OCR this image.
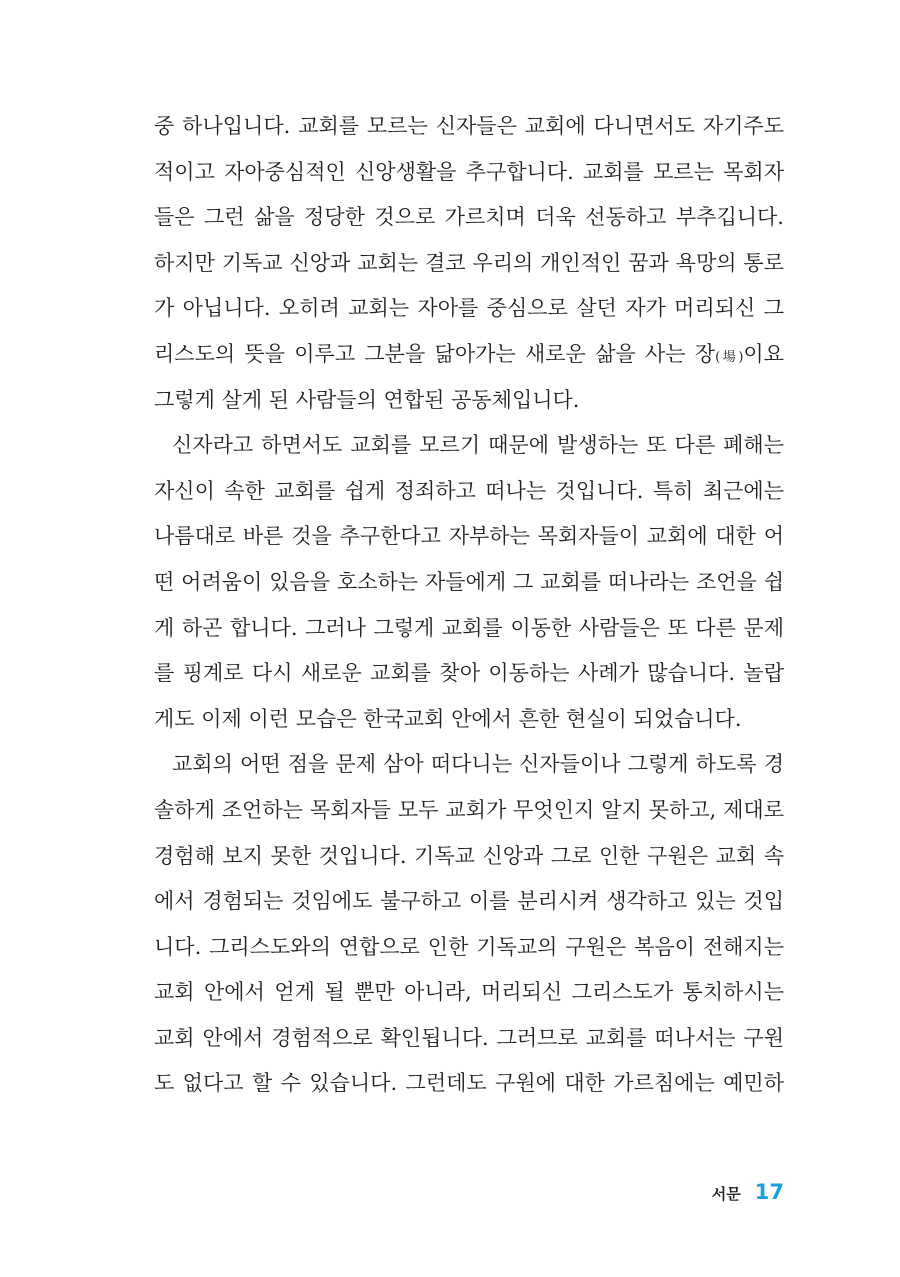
중 하나입니다. 교회를 모르는 신자들은 교회에 다니면서도 자기주도
적이고 자아중심적인 신앙생활을 추구합니다. 교회를 모르는 목회자
들은 그런 삶을 정당한 것으로 가르치며 더욱 선동하고 부추깁니다.
하지만 기독교 신앙과 교회는 결코 우리의 개인적인 꿈과 욕망의 통로
가 아닙니다. 오히려 교회는 자아를 중심으로 살던 자가 머리되신 그
리스도의 뜻을 이루고 그분을 닮아가는 새로운 삶을 사는 장(場)이요
그렇게 살게 된 사람들의 연합된 공동체입니다.
신자라고 하면서도 교회를 모르기 때문에 발생하는 또 다른 폐해는
자신이 속한 교회를 쉽게 정죄하고 떠나는 것입니다. 특히 최근에는
나름대로 바른 것을 추구한다고 자부하는 목회자들이 교회에 대한 어
떤 어려움이 있음을 호소하는 자들에게 그 교회를 떠나라는 조언을 쉽
게 하곤 합니다. 그러나 그렇게 교회를 이동한 사람들은 또 다른 문제
를 핑계로 다시 새로운 교회를 찾아 이동하는 사례가 많습니다. 놀랍
게도 이제 이런 모습은 한국교회 안에서 흔한 현실이 되었습니다.
교회의 어떤 점을 문제 삼아 떠다니는 신자들이나 그렇게 하도록 경
솔하게 조언하는 목회자들 모두 교회가 무엇인지 알지 못하고, 제대로
경험해 보지 못한 것입니다. 기독교 신앙과 그로 인한 구원은 교회 속
에서 경험되는 것임에도 불구하고 이를 분리시켜 생각하고 있는 것입
니다. 그리스도와의 연합으로 인한 기독교의 구원은 복음이 전해지는
교회 안에서 얻게 될 뿐만 아니라, 머리되신 그리스도가 통치하시는
교회 안에서 경험적으로 확인됩니다. 그러므로 교회를 떠나서는 구원
도 없다고 할 수 있습니다. 그런데도 구원에 대한 가르침에는 예민하
서문 17
